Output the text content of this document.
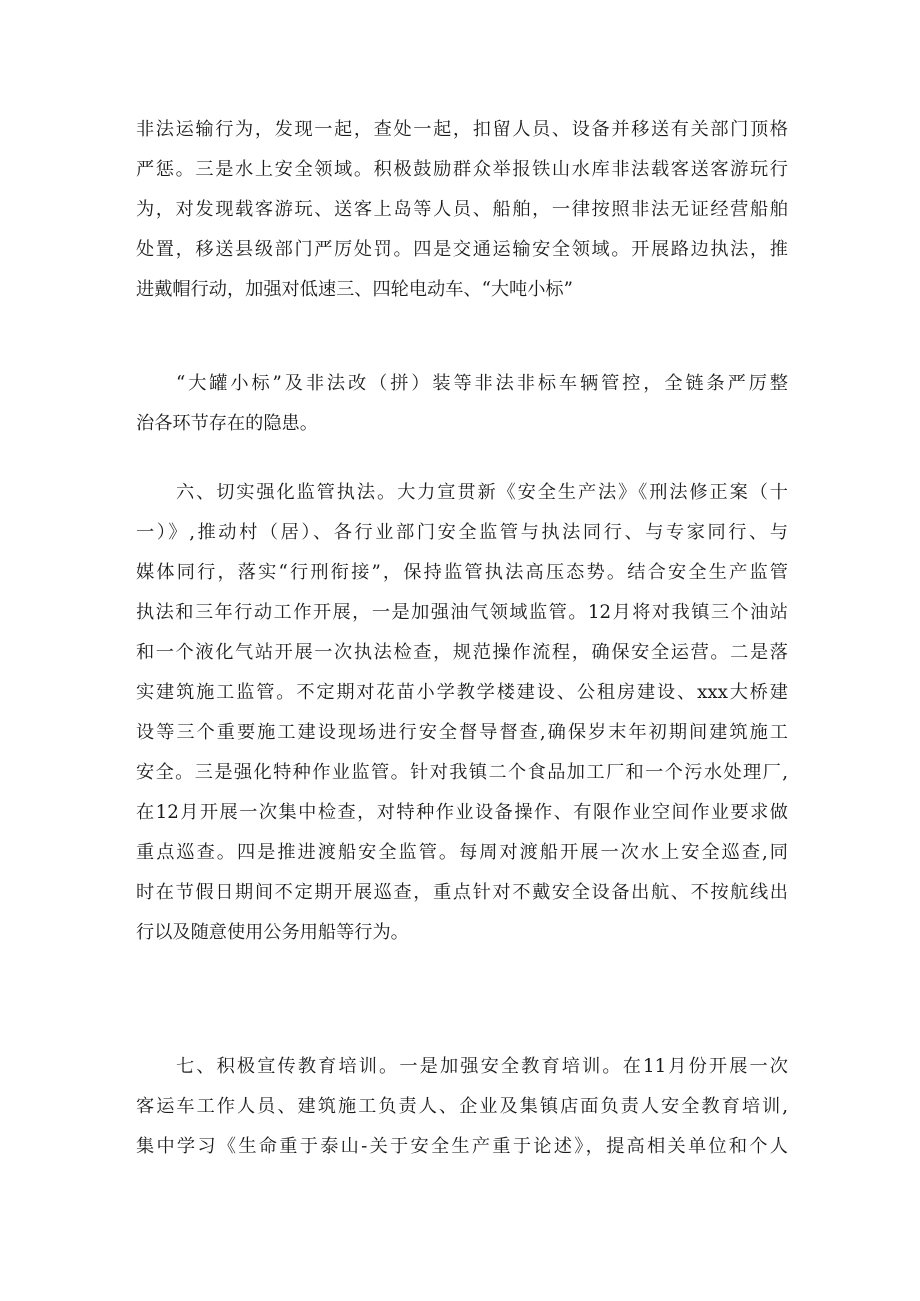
非法运输行为，发现一起，查处一起，扣留人员、设备并移送有关部门顶格
严惩。三是水上安全领域。积极鼓励群众举报铁山水库非法载客送客游玩行
为，对发现载客游玩、送客上岛等人员、船舶，一律按照非法无证经营船舶
处置，移送县级部门严厉处罚。四是交通运输安全领域。开展路边执法，推
进戴帽行动，加强对低速三、四轮电动车、“大吨小标”
“大罐小标”及非法改（拼）装等非法非标车辆管控，全链条严厉整
治各环节存在的隐患。
六、切实强化监管执法。大力宣贯新《安全生产法》《刑法修正案（十
一）》,推动村（居）、各行业部门安全监管与执法同行、与专家同行、与
媒体同行，落实“行刑衔接”，保持监管执法高压态势。结合安全生产监管
执法和三年行动工作开展，一是加强油气领域监管。12月将对我镇三个油站
和一个液化气站开展一次执法检查，规范操作流程，确保安全运营。二是落
实建筑施工监管。不定期对花苗小学教学楼建设、公租房建设、xxx大桥建
设等三个重要施工建设现场进行安全督导督查,确保岁末年初期间建筑施工
安全。三是强化特种作业监管。针对我镇二个食品加工厂和一个污水处理厂,
在12月开展一次集中检查，对特种作业设备操作、有限作业空间作业要求做
重点巡查。四是推进渡船安全监管。每周对渡船开展一次水上安全巡查,同
时在节假日期间不定期开展巡查，重点针对不戴安全设备出航、不按航线出
行以及随意使用公务用船等行为。
七、积极宣传教育培训。一是加强安全教育培训。在11月份开展一次
客运车工作人员、建筑施工负责人、企业及集镇店面负责人安全教育培训,
集中学习《生命重于泰山-关于安全生产重于论述》，提高相关单位和个人
